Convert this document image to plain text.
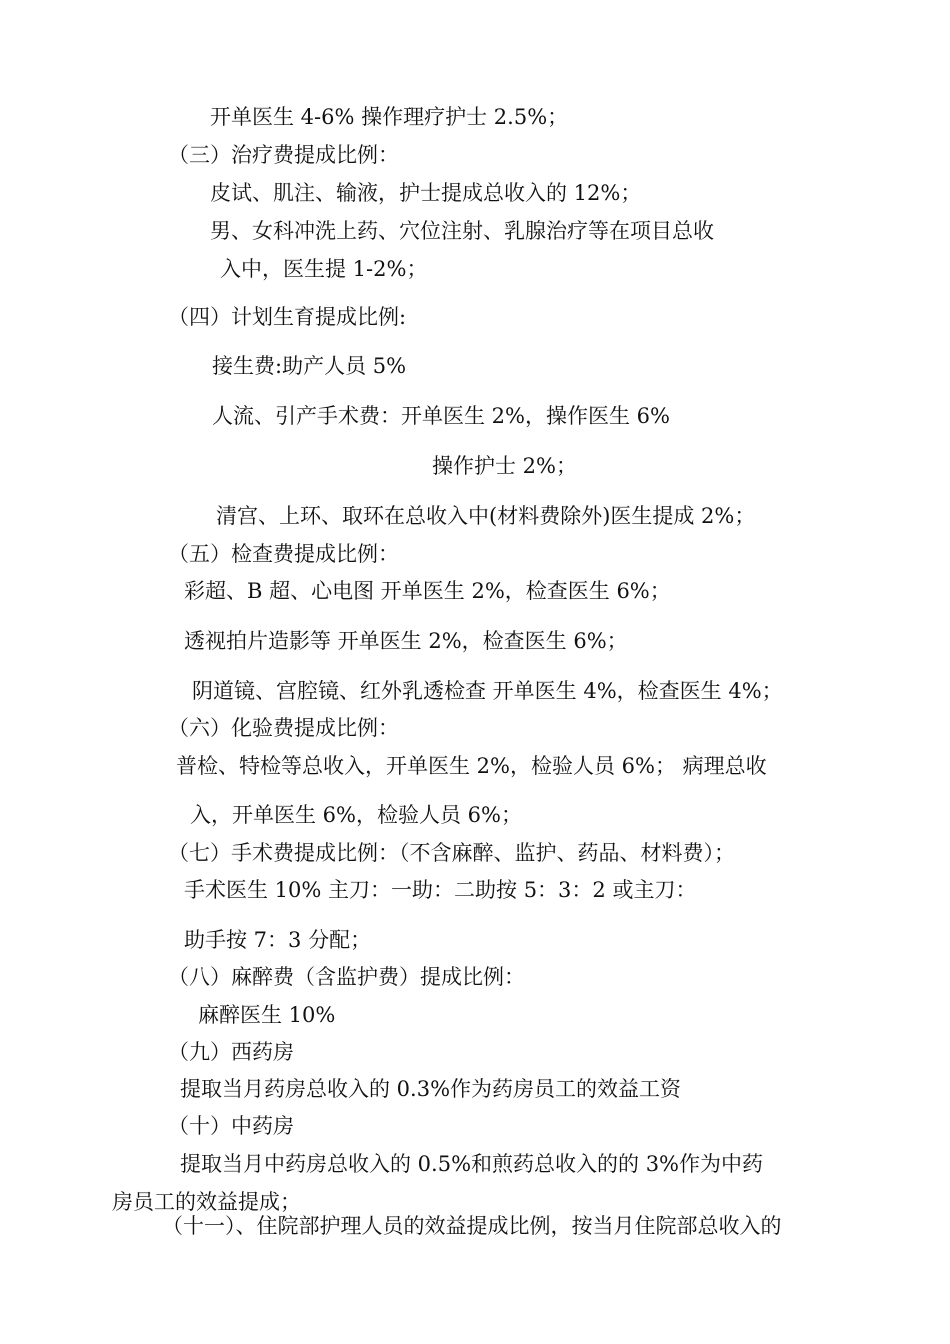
开单医生 4-6% 操作理疗护士 2.5%；

（三）治疗费提成比例：

皮试、肌注、输液，护士提成总收入的 12%；

男、女科冲洗上药、穴位注射、乳腺治疗等在项目总收

入中，医生提 1-2%；

（四）计划生育提成比例:

接生费:助产人员 5%

人流、引产手术费：开单医生 2%，操作医生 6%

操作护士 2%；

清宫、上环、取环在总收入中(材料费除外)医生提成 2%；

（五）检查费提成比例：

彩超、B 超、心电图 开单医生 2%，检查医生 6%；

透视拍片造影等 开单医生 2%，检查医生 6%；

阴道镜、宫腔镜、红外乳透检查 开单医生 4%，检查医生 4%；

（六）化验费提成比例：

普检、特检等总收入，开单医生 2%，检验人员 6%； 病理总收

入，开单医生 6%，检验人员 6%；

（七）手术费提成比例：（不含麻醉、监护、药品、材料费）；

手术医生 10% 主刀：一助：二助按 5：3：2 或主刀：

助手按 7：3 分配；

（八）麻醉费（含监护费）提成比例：

麻醉医生 10%

（九）西药房

提取当月药房总收入的 0.3%作为药房员工的效益工资

（十）中药房

提取当月中药房总收入的 0.5%和煎药总收入的的 3%作为中药

房员工的效益提成；

（十一）、住院部护理人员的效益提成比例，按当月住院部总收入的
